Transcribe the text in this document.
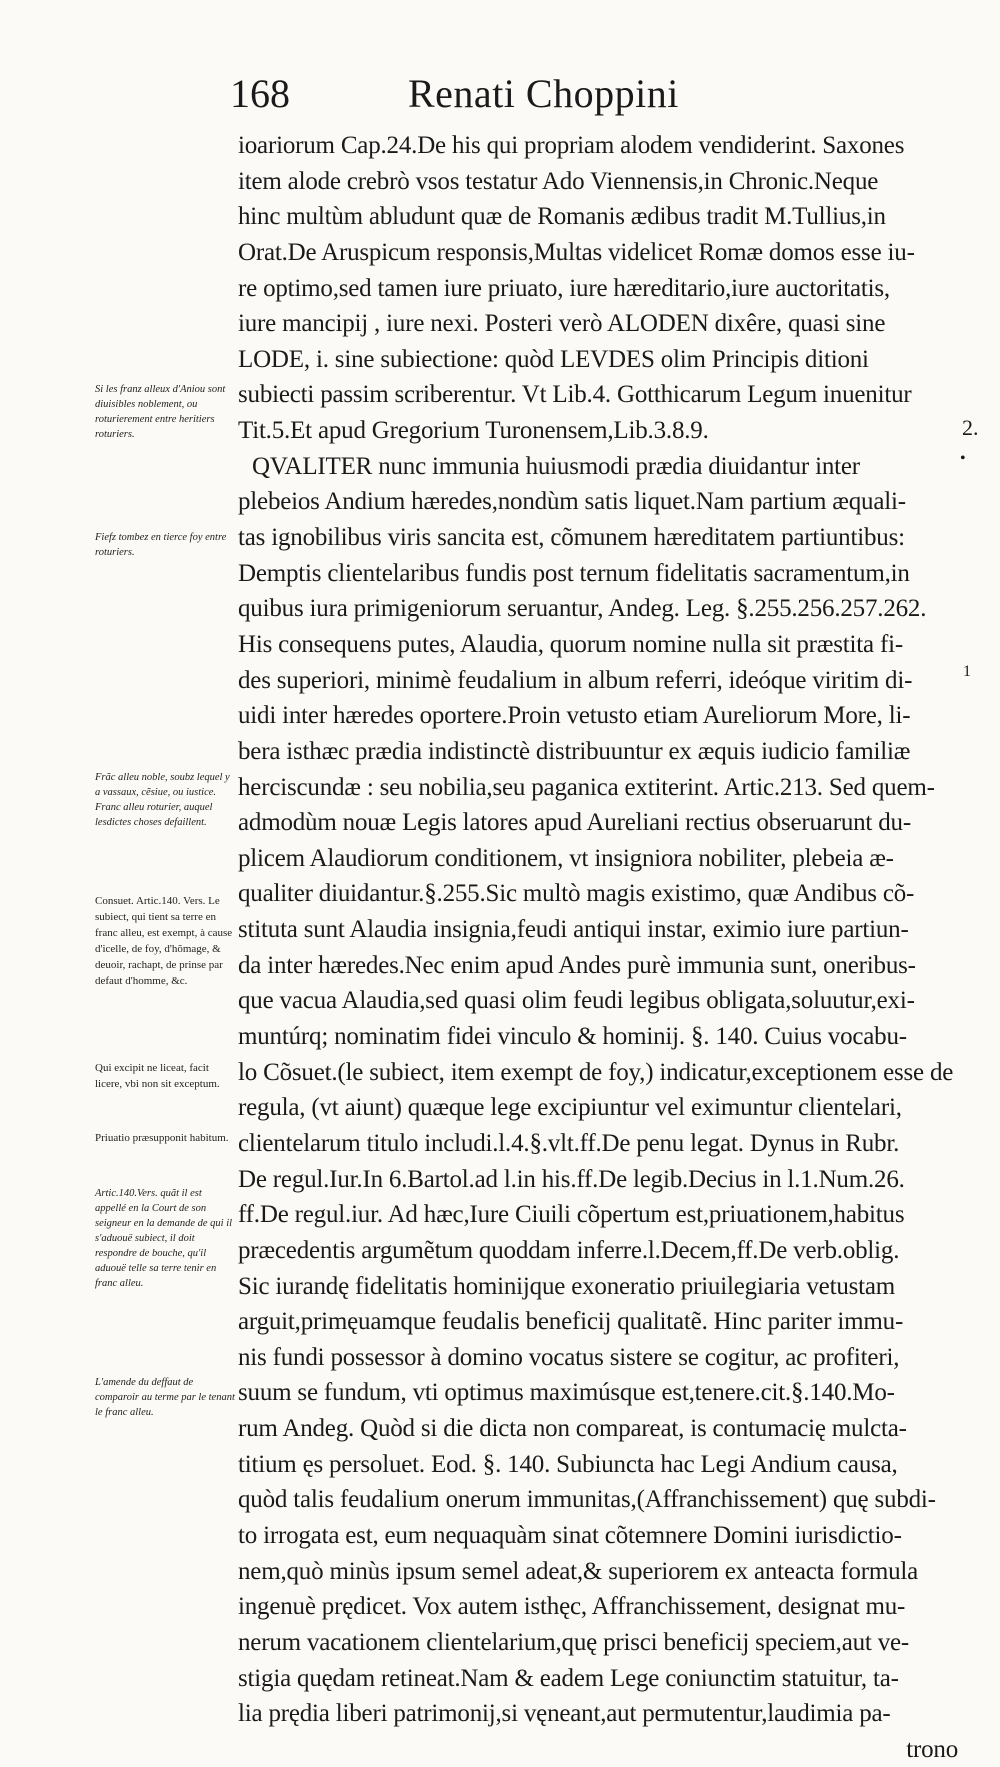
168	Renati Choppini
Si les franz alleux d'Aniou sont diuisibles noblement, ou roturierement entre heritiers roturiers.
Fiefz tombez en tierce foy entre roturiers.
Frãc alleu noble, soubz lequel y a vassaux, cẽsiue, ou iustice. Franc alleu roturier, auquel lesdictes choses defaillent.
Consuet. Artic.140. Vers. Le subiect, qui tient sa terre en franc alleu, est exempt, à cause d'icelle, de foy, d'hõmage, & deuoir, rachapt, de prinse par defaut d'homme, &c.
Qui excipit ne liceat, facit licere, vbi non sit exceptum.
Priuatio præsupponit habitum.
Artic.140.Vers. quãt il est appellé en la Court de son seigneur en la demande de qui il s'aduouë subiect, il doit respondre de bouche, qu'il aduouë telle sa terre tenir en franc alleu.
L'amende du deffaut de comparoir au terme par le tenant le franc alleu.
ioariorum Cap.24.De his qui propriam alodem vendiderint. Saxones
item alode crebrò vsos testatur Ado Viennensis,in Chronic.Neque
hinc multùm abludunt quæ de Romanis ædibus tradit M.Tullius,in
Orat.De Aruspicum responsis,Multas videlicet Romæ domos esse iu-
re optimo,sed tamen iure priuato, iure hæreditario,iure auctoritatis,
iure mancipij , iure nexi. Posteri verò ALODEN dixêre, quasi sine
LODE, i. sine subiectione: quòd LEVDES olim Principis ditioni
subiecti passim scriberentur. Vt Lib.4. Gotthicarum Legum inuenitur
Tit.5.Et apud Gregorium Turonensem,Lib.3.8.9.
QVALITER nunc immunia huiusmodi prædia diuidantur inter
plebeios Andium hæredes,nondùm satis liquet.Nam partium æquali-
tas ignobilibus viris sancita est, cõmunem hæreditatem partiuntibus:
Demptis clientelaribus fundis post ternum fidelitatis sacramentum,in
quibus iura primigeniorum seruantur, Andeg. Leg. §.255.256.257.262.
His consequens putes, Alaudia, quorum nomine nulla sit præstita fi-
des superiori, minimè feudalium in album referri, ideóque viritim di-
uidi inter hæredes oportere.Proin vetusto etiam Aureliorum More, li-
bera isthæc prædia indistinctè distribuuntur ex æquis iudicio familiæ
herciscundæ : seu nobilia,seu paganica extiterint. Artic.213. Sed quem-
admodùm nouæ Legis latores apud Aureliani rectius obseruarunt du-
plicem Alaudiorum conditionem, vt insigniora nobiliter, plebeia æ-
qualiter diuidantur.§.255.Sic multò magis existimo, quæ Andibus cõ-
stituta sunt Alaudia insignia,feudi antiqui instar, eximio iure partiun-
da inter hæredes.Nec enim apud Andes purè immunia sunt, oneribus-
que vacua Alaudia,sed quasi olim feudi legibus obligata,soluutur,exi-
muntúrq; nominatim fidei vinculo & hominij. §. 140. Cuius vocabu-
lo Cõsuet.(le subiect, item exempt de foy,) indicatur,exceptionem esse de
regula, (vt aiunt) quæque lege excipiuntur vel eximuntur clientelari,
clientelarum titulo includi.l.4.§.vlt.ff.De penu legat. Dynus in Rubr.
De regul.Iur.In 6.Bartol.ad l.in his.ff.De legib.Decius in l.1.Num.26.
ff.De regul.iur. Ad hæc,Iure Ciuili cõpertum est,priuationem,habitus
præcedentis argumẽtum quoddam inferre.l.Decem,ff.De verb.oblig.
Sic iurandę fidelitatis hominijque exoneratio priuilegiaria vetustam
arguit,primęuamque feudalis beneficij qualitatẽ. Hinc pariter immu-
nis fundi possessor à domino vocatus sistere se cogitur, ac profiteri,
suum se fundum, vti optimus maximúsque est,tenere.cit.§.140.Mo-
rum Andeg. Quòd si die dicta non compareat, is contumacię mulcta-
titium ęs persoluet. Eod. §. 140. Subiuncta hac Legi Andium causa,
quòd talis feudalium onerum immunitas,(Affranchissement) quę subdi-
to irrogata est, eum nequaquàm sinat cõtemnere Domini iurisdictio-
nem,quò minùs ipsum semel adeat,& superiorem ex anteacta formula
ingenuè prędicet. Vox autem isthęc, Affranchissement, designat mu-
nerum vacationem clientelarium,quę prisci beneficij speciem,aut ve-
stigia quędam retineat.Nam & eadem Lege coniunctim statuitur, ta-
lia prędia liberi patrimonij,si vęneant,aut permutentur,laudimia pa-
trono
2.
•
1
